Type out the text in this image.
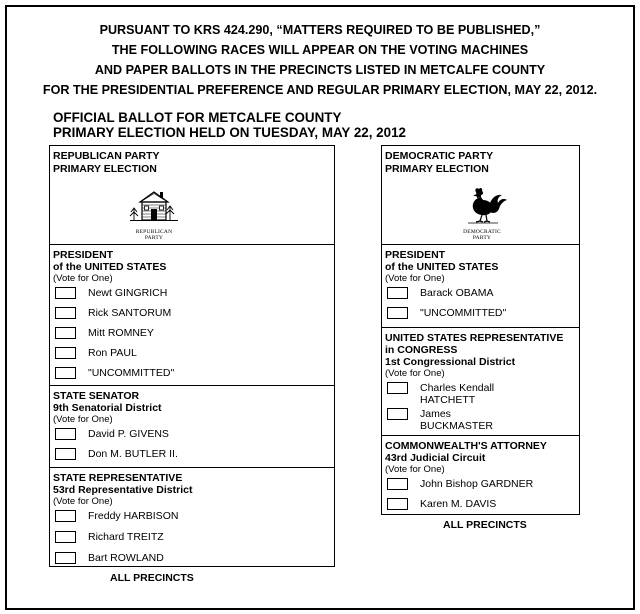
PURSUANT TO KRS 424.290, “MATTERS REQUIRED TO BE PUBLISHED,”
THE FOLLOWING RACES WILL APPEAR ON THE VOTING MACHINES
AND PAPER BALLOTS IN THE PRECINCTS LISTED IN METCALFE COUNTY
FOR THE PRESIDENTIAL PREFERENCE AND REGULAR PRIMARY ELECTION, MAY 22, 2012.
OFFICIAL BALLOT FOR METCALFE COUNTY
PRIMARY ELECTION HELD ON TUESDAY, MAY 22, 2012
REPUBLICAN PARTY
PRIMARY ELECTION
REPUBLICAN
PARTY
PRESIDENT
of the UNITED STATES
(Vote for One)
Newt GINGRICH
Rick SANTORUM
Mitt ROMNEY
Ron PAUL
"UNCOMMITTED"
STATE SENATOR
9th Senatorial District
(Vote for One)
David P. GIVENS
Don M. BUTLER II.
STATE REPRESENTATIVE
53rd Representative District
(Vote for One)
Freddy HARBISON
Richard TREITZ
Bart ROWLAND
ALL PRECINCTS
DEMOCRATIC PARTY
PRIMARY ELECTION
DEMOCRATIC
PARTY
PRESIDENT
of the UNITED STATES
(Vote for One)
Barack OBAMA
"UNCOMMITTED"
UNITED STATES REPRESENTATIVE
in CONGRESS
1st Congressional District
(Vote for One)
Charles Kendall
HATCHETT
James
BUCKMASTER
COMMONWEALTH'S ATTORNEY
43rd Judicial Circuit
(Vote for One)
John Bishop GARDNER
Karen M. DAVIS
ALL PRECINCTS
